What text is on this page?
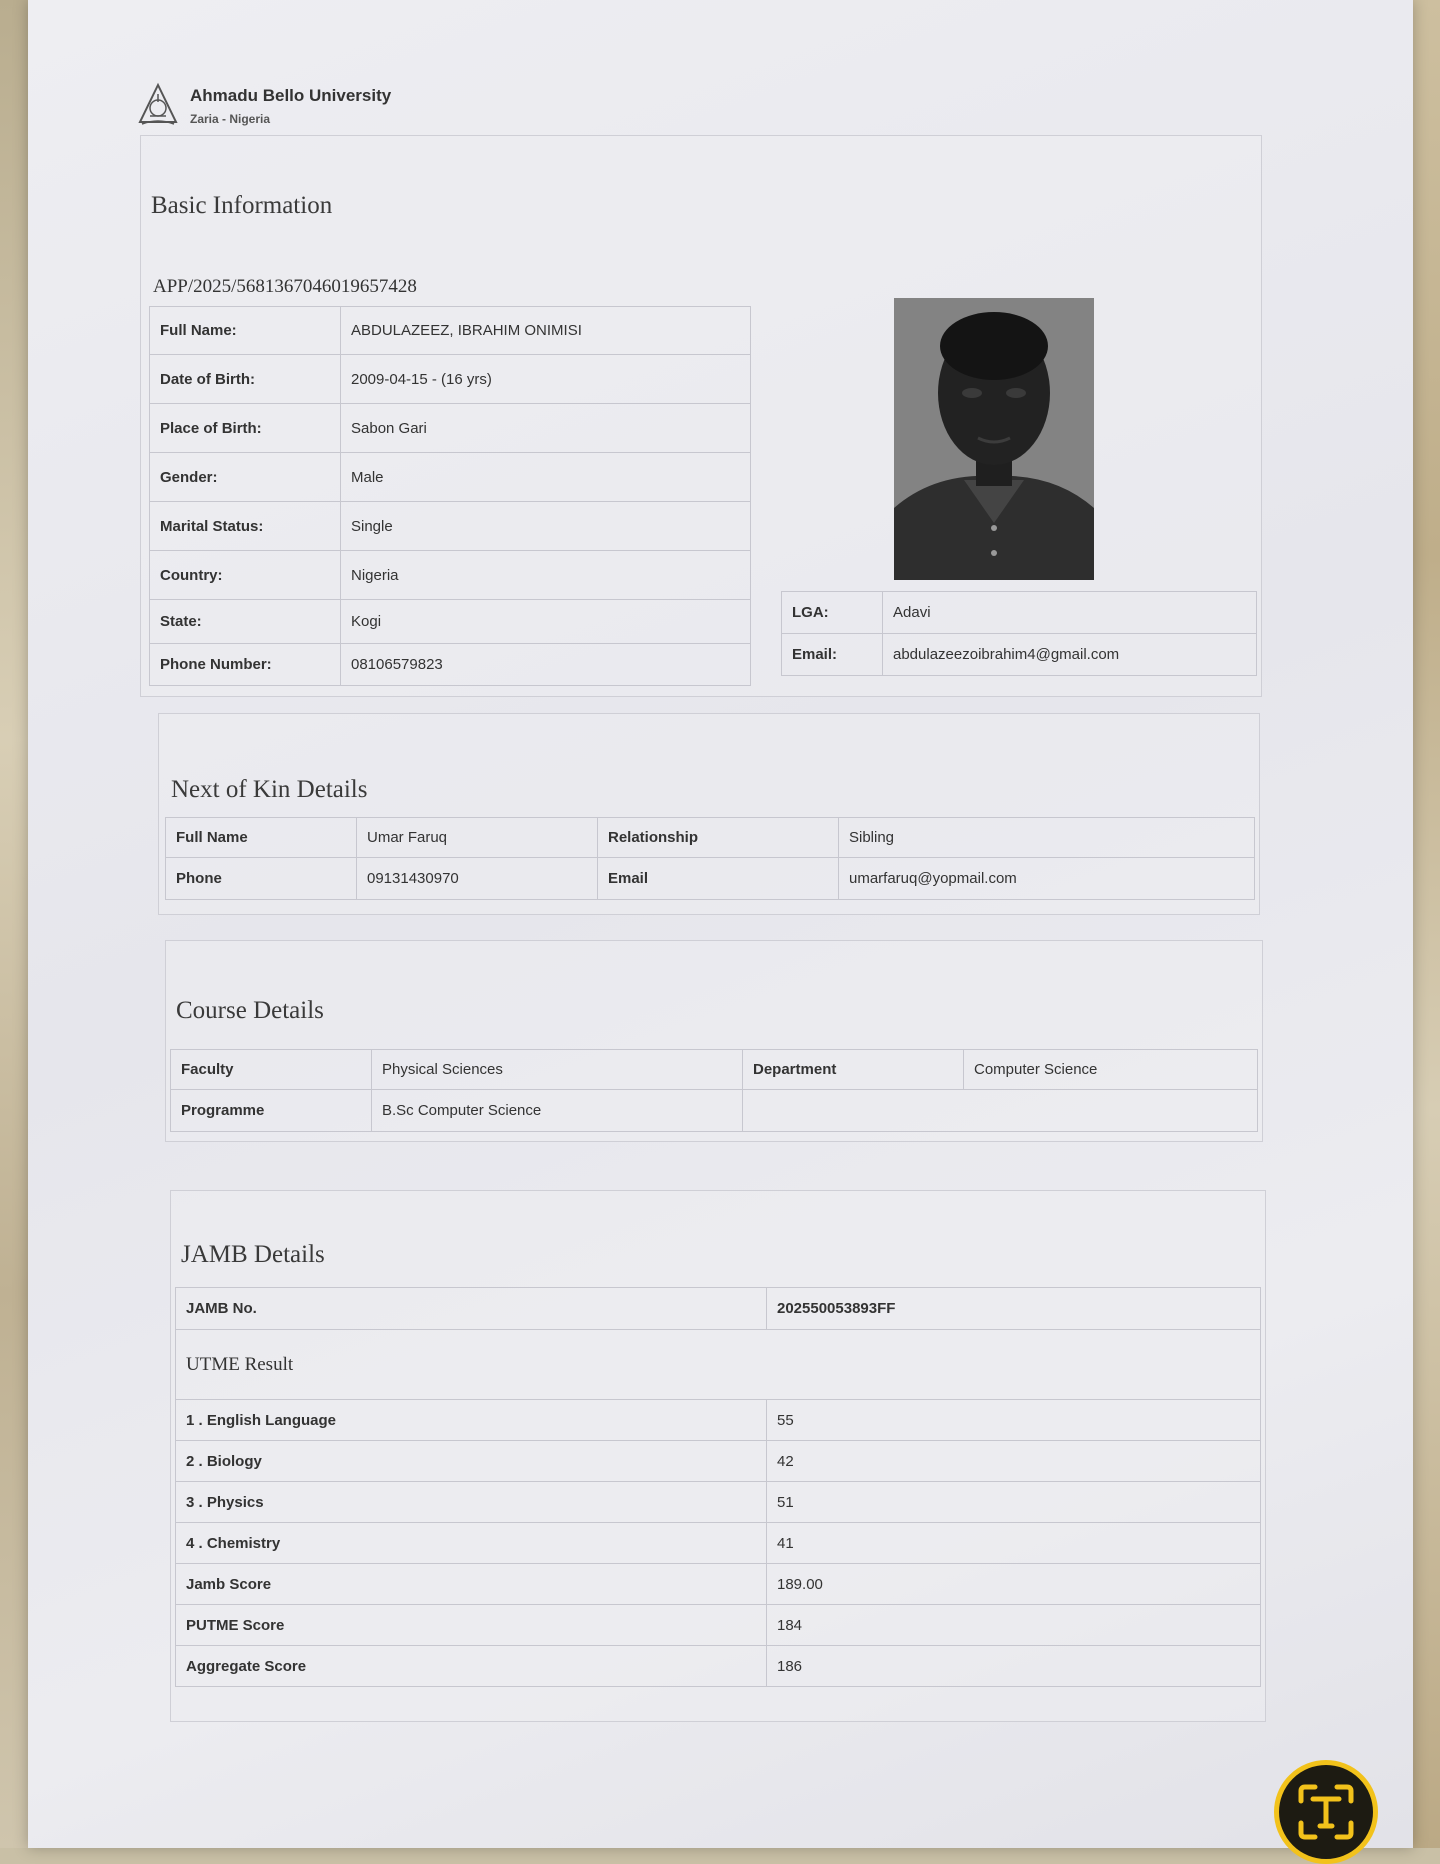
Ahmadu Bello University
Zaria - Nigeria
Basic Information
APP/2025/5681367046019657428
Full Name:	ABDULAZEEZ, IBRAHIM ONIMISI
Date of Birth:	2009-04-15 - (16 yrs)
Place of Birth:	Sabon Gari
Gender:	Male
Marital Status:	Single
Country:	Nigeria
State:	Kogi
Phone Number:	08106579823
LGA:	Adavi
Email:	abdulazeezoibrahim4@gmail.com
Next of Kin Details
Full Name	Umar Faruq	Relationship	Sibling
Phone	09131430970	Email	umarfaruq@yopmail.com
Course Details
Faculty	Physical Sciences	Department	Computer Science
Programme	B.Sc Computer Science		
JAMB Details
JAMB No.	202550053893FF
UTME Result	
1 . English Language	55
2 . Biology	42
3 . Physics	51
4 . Chemistry	41
Jamb Score	189.00
PUTME Score	184
Aggregate Score	186
